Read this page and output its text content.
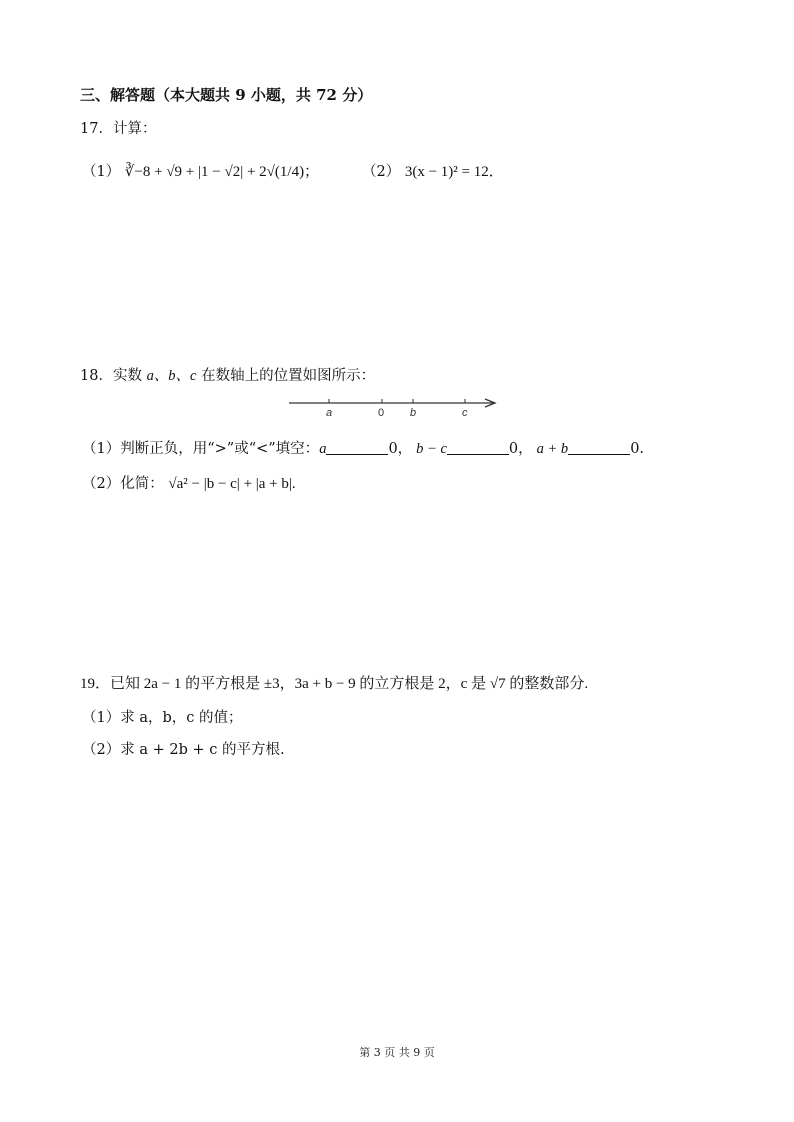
三、解答题（本大题共 9 小题，共 72 分）
17．计算：
（1） ∛−8 + √9 + |1 − √2| + 2√(1/4)；	（2） 3(x − 1)² = 12．
18．实数 a、b、c 在数轴上的位置如图所示：
a	0 b	c
（1）判断正负，用“>”或“<”填空：a	0， b − c	0， a + b	0.
（2）化简： √a² − |b − c| + |a + b|.
19．已知 2a − 1 的平方根是 ±3，3a + b − 9 的立方根是 2，c 是 √7 的整数部分.
（1）求 a，b，c 的值；
（2）求 a + 2b + c 的平方根.
第 3 页 共 9 页
